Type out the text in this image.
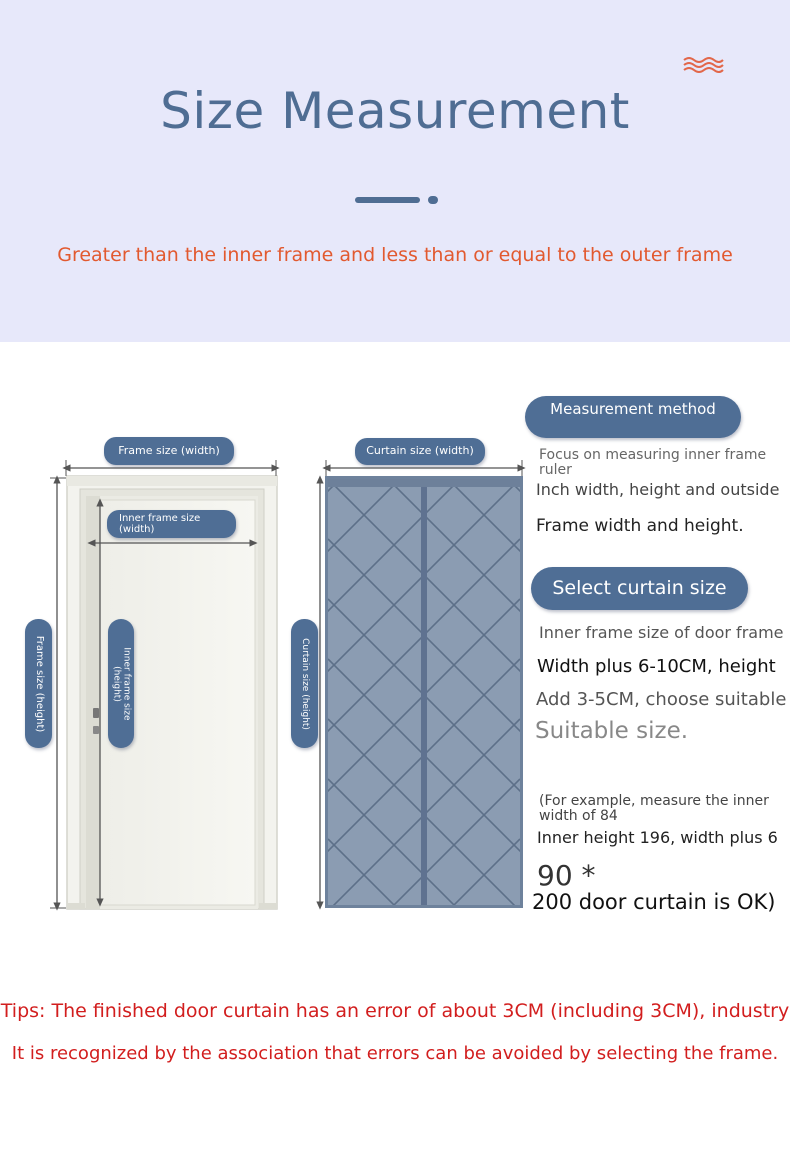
Size Measurement
Greater than the inner frame and less than or equal to the outer frame
Frame size (width)
Inner frame size (width)
Frame size (height)	Inner frame size (height)
Curtain size (width)
Curtain size (height)
Measurement method
Focus on measuring inner frame ruler
Inch width, height and outside
Frame width and height.
Select curtain size
Inner frame size of door frame
Width plus 6-10CM, height
Add 3-5CM, choose suitable
Suitable size.
(For example, measure the inner width of 84
Inner height 196, width plus 6
90 *
200 door curtain is OK)
Tips: The finished door curtain has an error of about 3CM (including 3CM), industry
It is recognized by the association that errors can be avoided by selecting the frame.
